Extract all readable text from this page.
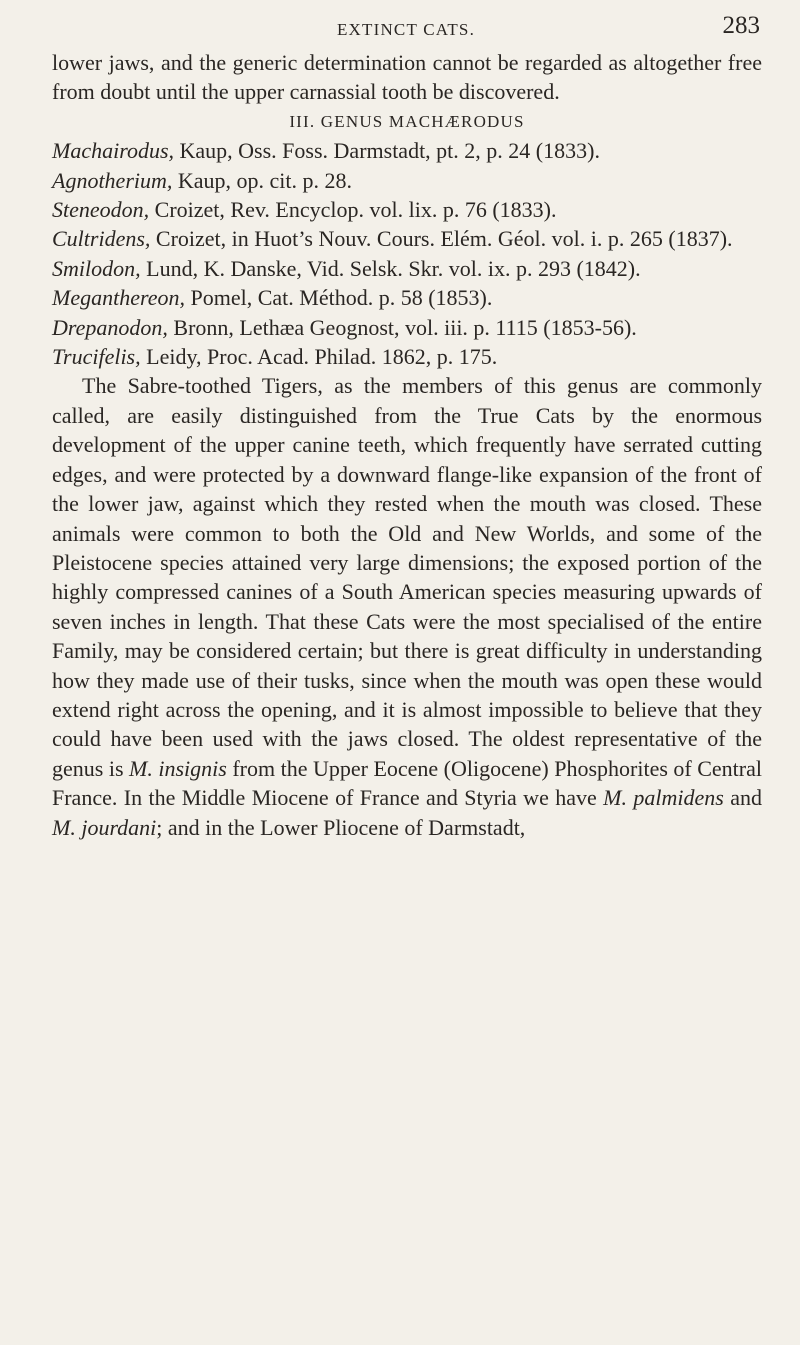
EXTINCT CATS.	283

lower jaws, and the generic determination cannot be regarded as altogether free from doubt until the upper carnassial tooth be discovered.

III. GENUS MACHÆRODUS

Machairodus, Kaup, Oss. Foss. Darmstadt, pt. 2, p. 24 (1833).

Agnotherium, Kaup, op. cit. p. 28.

Steneodon, Croizet, Rev. Encyclop. vol. lix. p. 76 (1833).

Cultridens, Croizet, in Huot’s Nouv. Cours. Elém. Géol. vol. i. p. 265 (1837).

Smilodon, Lund, K. Danske, Vid. Selsk. Skr. vol. ix. p. 293 (1842).

Meganthereon, Pomel, Cat. Méthod. p. 58 (1853).

Drepanodon, Bronn, Lethæa Geognost, vol. iii. p. 1115 (1853-56).

Trucifelis, Leidy, Proc. Acad. Philad. 1862, p. 175.

The Sabre-toothed Tigers, as the members of this genus are commonly called, are easily distinguished from the True Cats by the enormous development of the upper canine teeth, which frequently have serrated cutting edges, and were protected by a downward flange-like expansion of the front of the lower jaw, against which they rested when the mouth was closed. These animals were common to both the Old and New Worlds, and some of the Pleistocene species attained very large dimensions; the exposed portion of the highly compressed canines of a South American species measuring upwards of seven inches in length. That these Cats were the most specialised of the entire Family, may be considered certain; but there is great difficulty in understanding how they made use of their tusks, since when the mouth was open these would extend right across the opening, and it is almost impossible to believe that they could have been used with the jaws closed. The oldest representative of the genus is M. insignis from the Upper Eocene (Oligocene) Phosphorites of Central France. In the Middle Miocene of France and Styria we have M. palmidens and M. jourdani; and in the Lower Pliocene of Darmstadt,
